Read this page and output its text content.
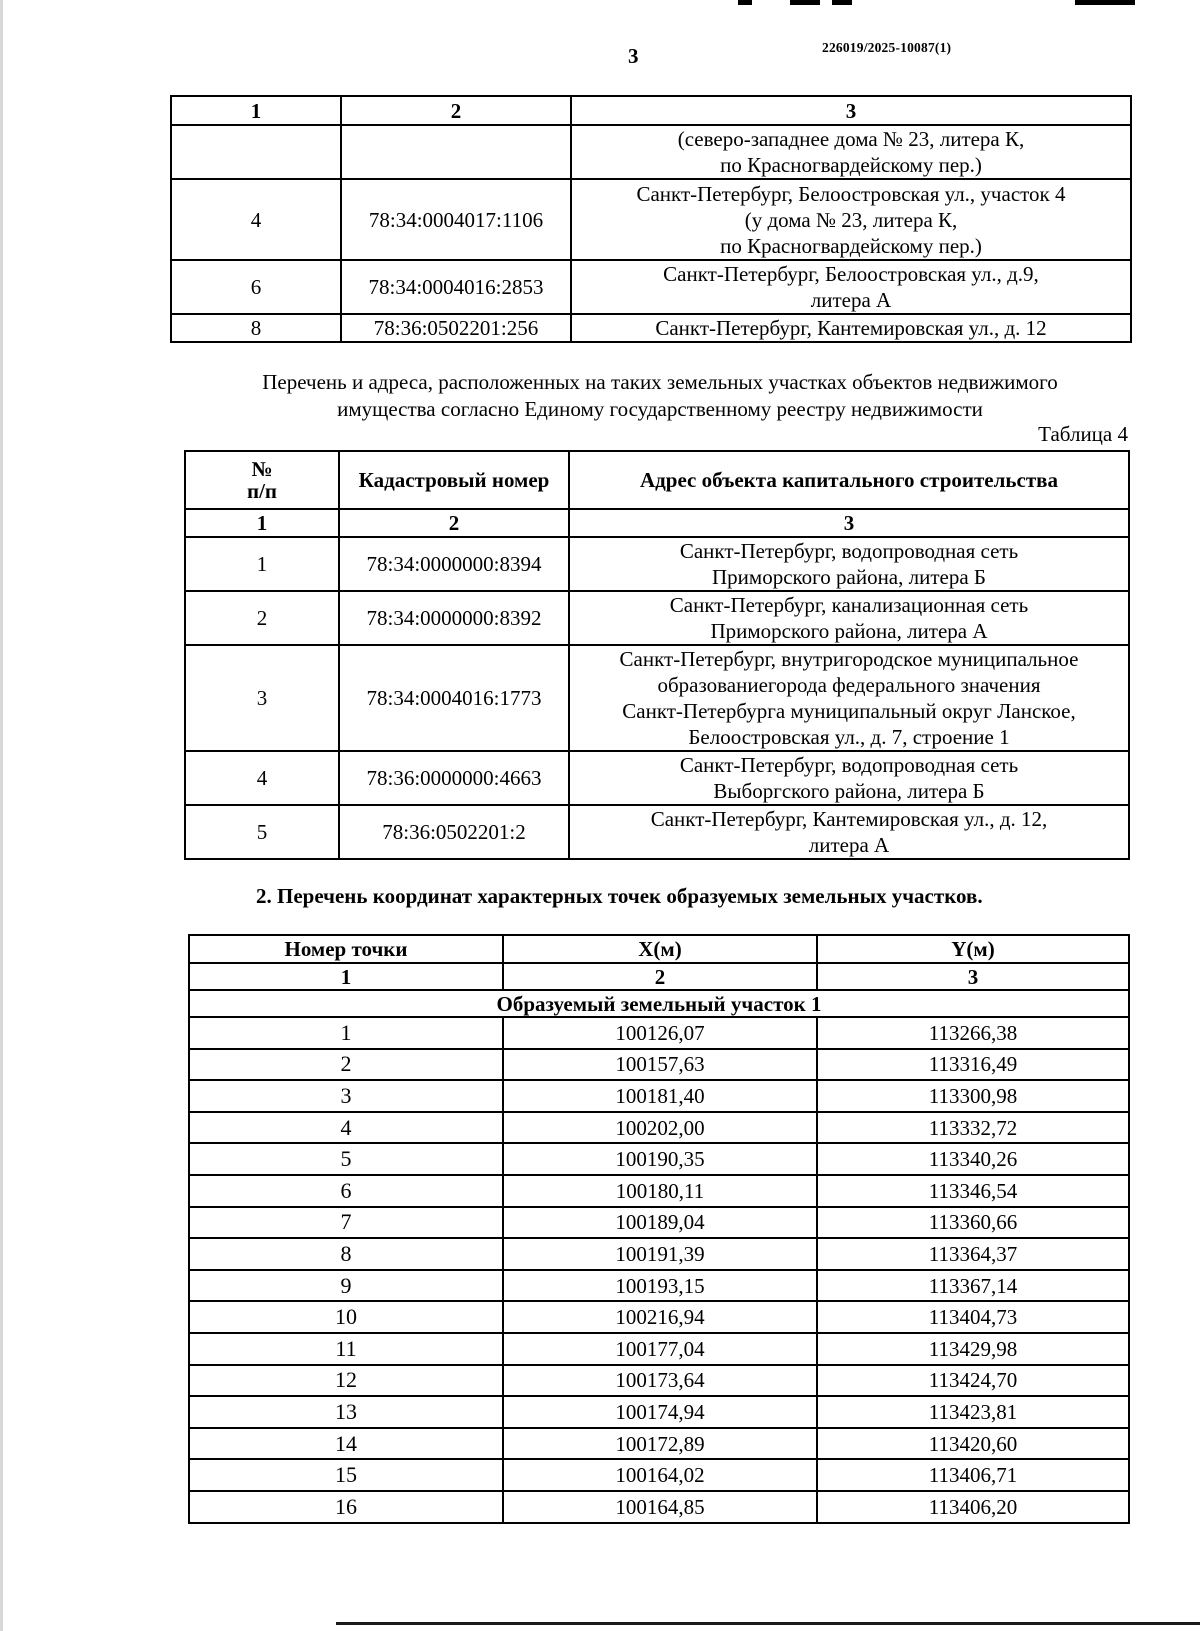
3	226019/2025-10087(1)
1	2	3

		(северо-западнее дома № 23, литера К,
по Красногвардейскому пер.)

4	78:34:0004017:1106	Санкт-Петербург, Белоостровская ул., участок 4
(у дома № 23, литера К,
по Красногвардейскому пер.)

6	78:34:0004016:2853	Санкт-Петербург, Белоостровская ул., д.9,
литера А

8	78:36:0502201:256	Санкт-Петербург, Кантемировская ул., д. 12
Перечень и адреса, расположенных на таких земельных участках объектов недвижимого
имущества согласно Единому государственному реестру недвижимости
Таблица 4
№
п/п	Кадастровый номер	Адрес объекта капитального строительства
1	2	3
1	78:34:0000000:8394	Санкт-Петербург, водопроводная сеть
Приморского района, литера Б

2	78:34:0000000:8392	Санкт-Петербург, канализационная сеть
Приморского района, литера А

3	78:34:0004016:1773	Санкт-Петербург, внутригородское муниципальное
образованиегорода федерального значения
Санкт-Петербурга муниципальный округ Ланское,
Белоостровская ул., д. 7, строение 1

4	78:36:0000000:4663	Санкт-Петербург, водопроводная сеть
Выборгского района, литера Б

5	78:36:0502201:2	Санкт-Петербург, Кантемировская ул., д. 12,
литера А
2. Перечень координат характерных точек образуемых земельных участков.
Номер точки	X(м)	Y(м)
1	2	3
Образуемый земельный участок 1		
1	100126,07	113266,38
2	100157,63	113316,49
3	100181,40	113300,98
4	100202,00	113332,72
5	100190,35	113340,26
6	100180,11	113346,54
7	100189,04	113360,66
8	100191,39	113364,37
9	100193,15	113367,14
10	100216,94	113404,73
11	100177,04	113429,98
12	100173,64	113424,70
13	100174,94	113423,81
14	100172,89	113420,60
15	100164,02	113406,71
16	100164,85	113406,20
